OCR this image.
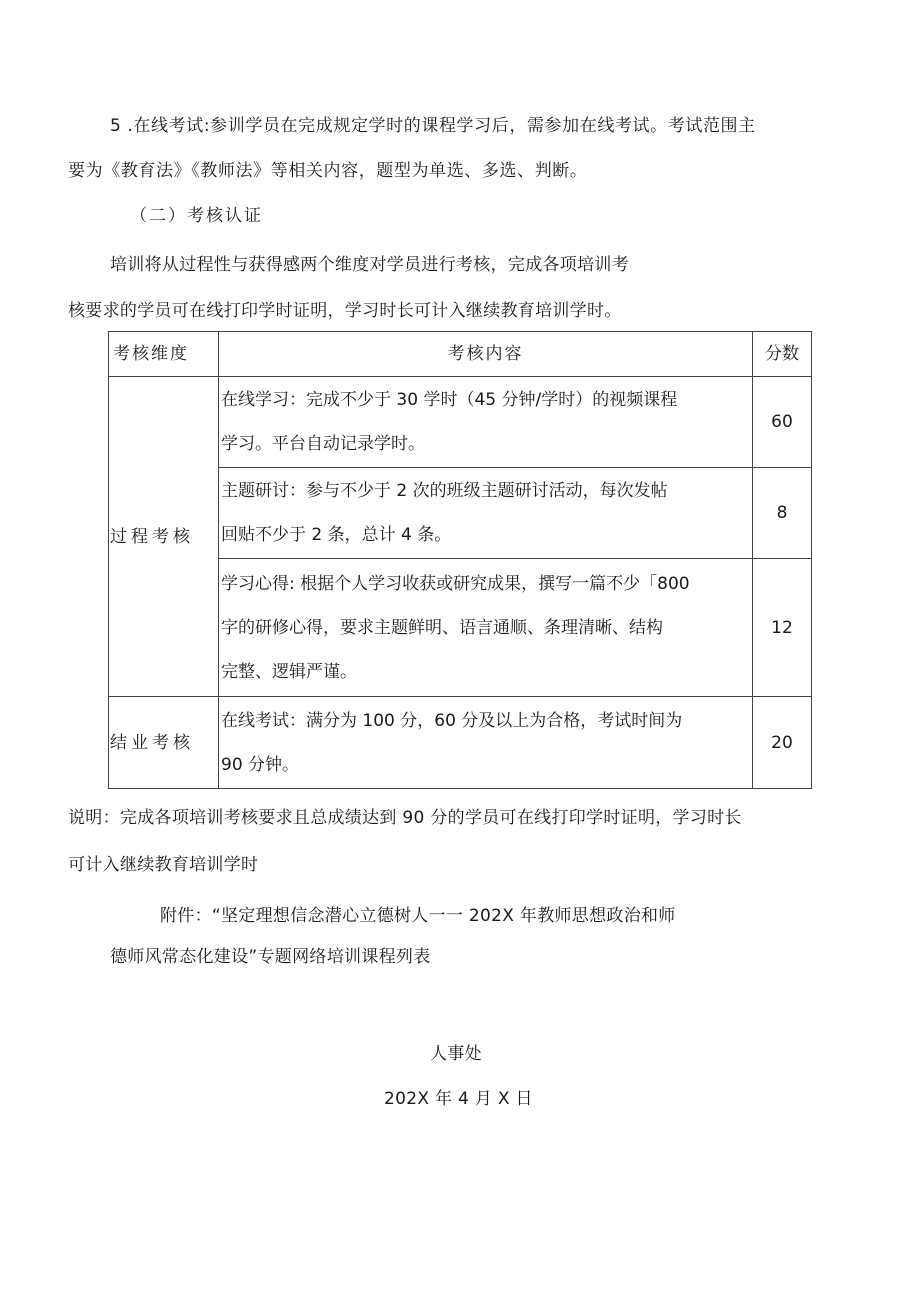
5 .在线考试:参训学员在完成规定学时的课程学习后，需参加在线考试。考试范围主
要为《教育法》《教师法》等相关内容，题型为单选、多选、判断。
（二）考核认证
培训将从过程性与获得感两个维度对学员进行考核，完成各项培训考
核要求的学员可在线打印学时证明，学习时长可计入继续教育培训学时。
考核维度	考核内容	分数
过程考核	在线学习：完成不少于 30 学时（45 分钟/学时）的视频课程
学习。平台自动记录学时。	60

	主题研讨：参与不少于 2 次的班级主题研讨活动，每次发帖
回贴不少于 2 条，总计 4 条。	8

	学习心得: 根据个人学习收获或研究成果，撰写一篇不少「800
字的研修心得，要求主题鲜明、语言通顺、条理清晰、结构
完整、逻辑严谨。	12
结业考核	在线考试：满分为 100 分，60 分及以上为合格，考试时间为
90 分钟。	20
说明：完成各项培训考核要求且总成绩达到 90 分的学员可在线打印学时证明，学习时长
可计入继续教育培训学时
附件：“坚定理想信念潜心立德树人一一 202X 年教师思想政治和师
德师风常态化建设”专题网络培训课程列表
人事处
202X 年 4 月 X 日
